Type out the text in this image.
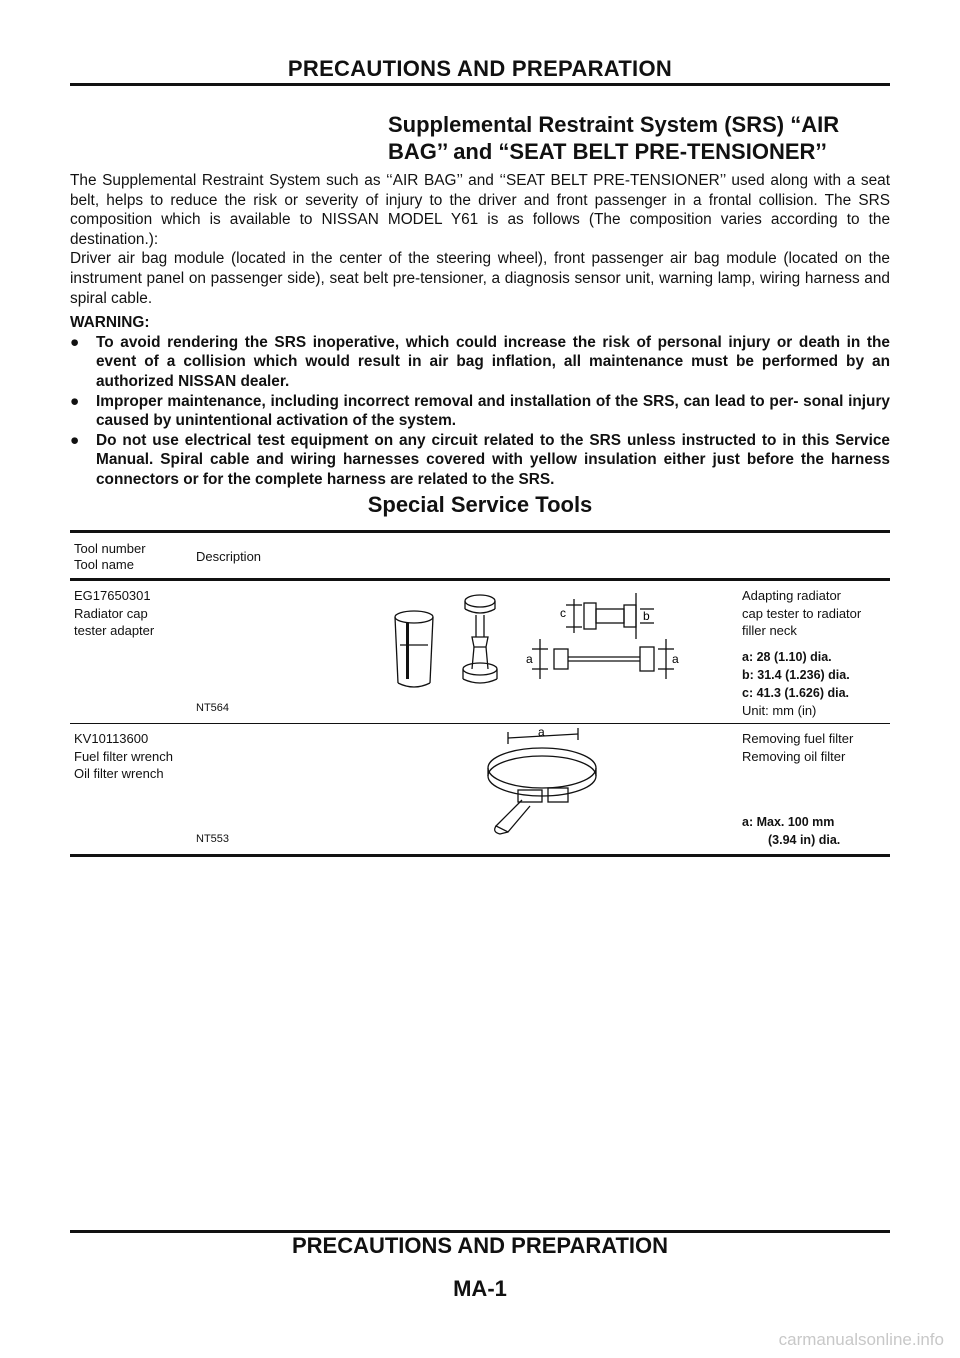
PRECAUTIONS AND PREPARATION
Supplemental Restraint System (SRS) “AIR
BAG’’ and “SEAT BELT PRE-TENSIONER’’

The Supplemental Restraint System such as ‘‘AIR BAG’’ and ‘‘SEAT BELT PRE-TENSIONER’’ used along with a seat belt, helps to reduce the risk or severity of injury to the driver and front passenger in a frontal collision. The SRS composition which is available to NISSAN MODEL Y61 is as follows (The composition varies according to the destination.):

Driver air bag module (located in the center of the steering wheel), front passenger air bag module (located on the instrument panel on passenger side), seat belt pre-tensioner, a diagnosis sensor unit, warning lamp, wiring harness and spiral cable.

WARNING:
● To avoid rendering the SRS inoperative, which could increase the risk of personal injury or death in the event of a collision which would result in air bag inflation, all maintenance must be performed by an authorized NISSAN dealer.
● Improper maintenance, including incorrect removal and installation of the SRS, can lead to per- sonal injury caused by unintentional activation of the system.
● Do not use electrical test equipment on any circuit related to the SRS unless instructed to in this Service Manual. Spiral cable and wiring harnesses covered with yellow insulation either just before the harness connectors or for the complete harness are related to the SRS.
Special Service Tools
Tool number
Tool name
Description
EG17650301
Radiator cap
tester adapter
c	b
a	a
NT564
Adapting radiator
cap tester to radiator
filler neck
a: 28 (1.10) dia.
b: 31.4 (1.236) dia.
c: 41.3 (1.626) dia.
Unit: mm (in)
KV10113600
Fuel filter wrench
Oil filter wrench
a
NT553
Removing fuel filter
Removing oil filter
a: Max. 100 mm
(3.94 in) dia.
PRECAUTIONS AND PREPARATION
MA-1
carmanualsonline.info
